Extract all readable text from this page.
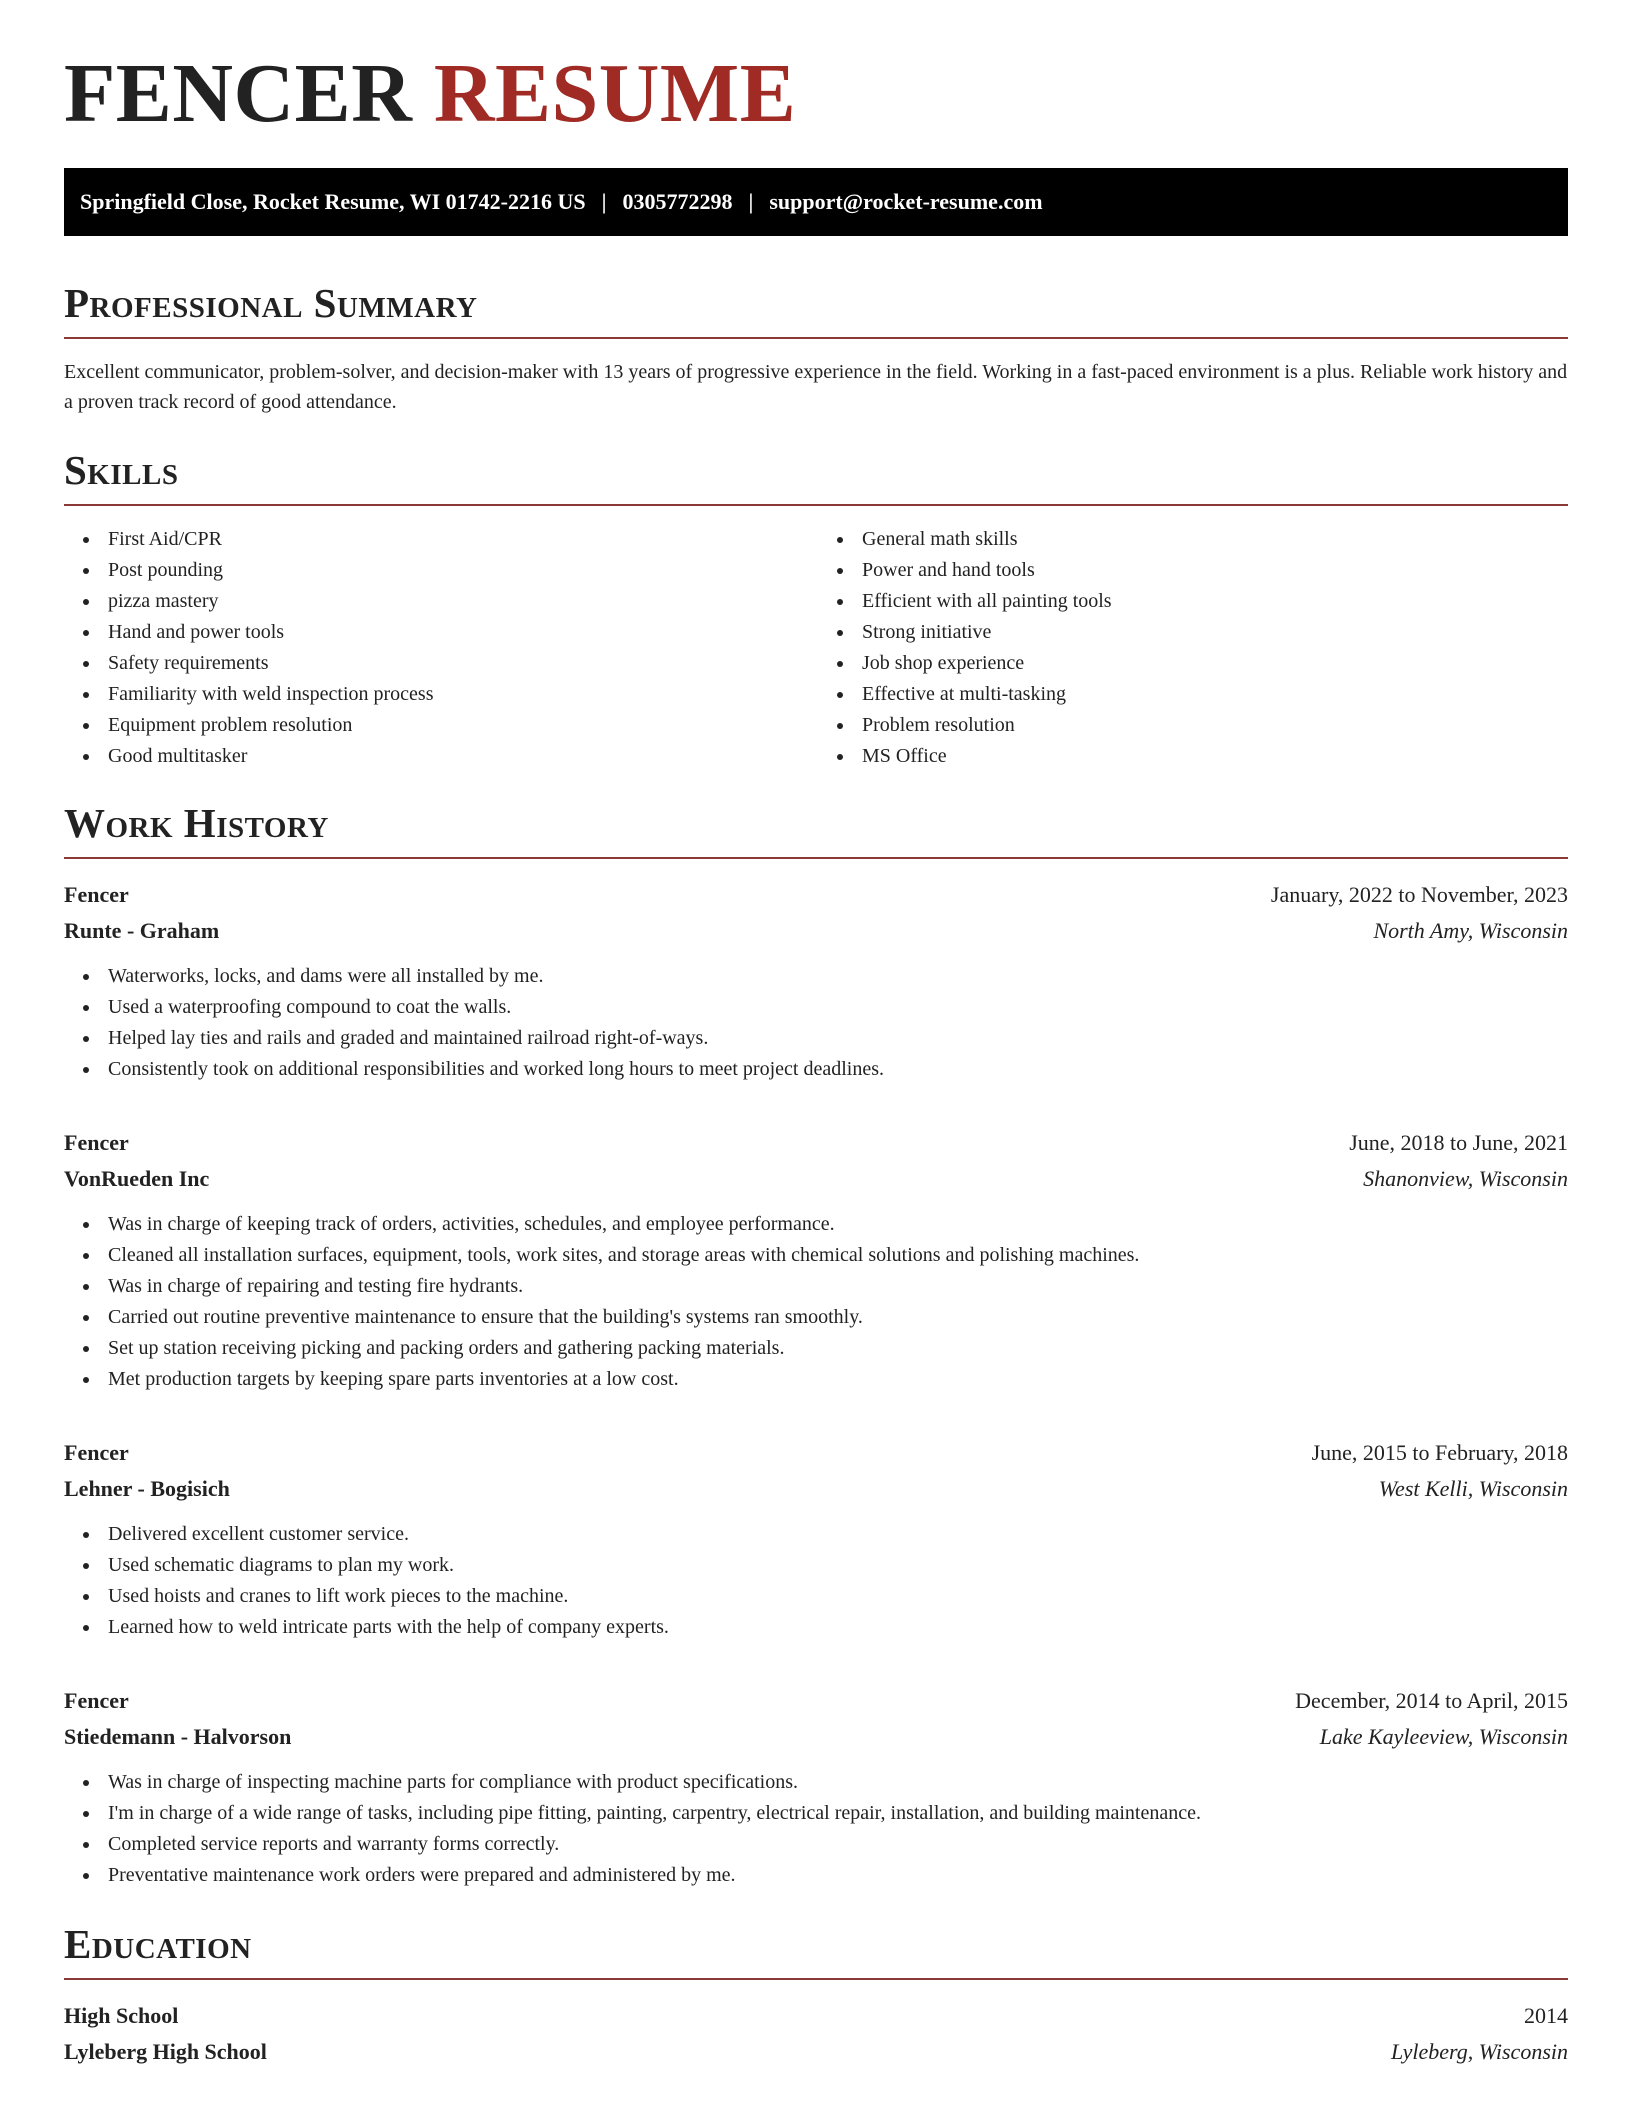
FENCER RESUME
Springfield Close, Rocket Resume, WI 01742-2216 US | 0305772298 | support@rocket-resume.com
Professional Summary

Excellent communicator, problem-solver, and decision-maker with 13 years of progressive experience in the field. Working in a fast-paced environment is a plus. Reliable work history and a proven track record of good attendance.

Skills
First Aid/CPR
Post pounding
pizza mastery
Hand and power tools
Safety requirements
Familiarity with weld inspection process
Equipment problem resolution
Good multitasker
General math skills
Power and hand tools
Efficient with all painting tools
Strong initiative
Job shop experience
Effective at multi-tasking
Problem resolution
MS Office
Work History
Fencer	January, 2022 to November, 2023
Runte - Graham	North Amy, Wisconsin
Waterworks, locks, and dams were all installed by me.
Used a waterproofing compound to coat the walls.
Helped lay ties and rails and graded and maintained railroad right-of-ways.
Consistently took on additional responsibilities and worked long hours to meet project deadlines.
Fencer	June, 2018 to June, 2021
VonRueden Inc	Shanonview, Wisconsin
Was in charge of keeping track of orders, activities, schedules, and employee performance.
Cleaned all installation surfaces, equipment, tools, work sites, and storage areas with chemical solutions and polishing machines.
Was in charge of repairing and testing fire hydrants.
Carried out routine preventive maintenance to ensure that the building's systems ran smoothly.
Set up station receiving picking and packing orders and gathering packing materials.
Met production targets by keeping spare parts inventories at a low cost.
Fencer	June, 2015 to February, 2018
Lehner - Bogisich	West Kelli, Wisconsin
Delivered excellent customer service.
Used schematic diagrams to plan my work.
Used hoists and cranes to lift work pieces to the machine.
Learned how to weld intricate parts with the help of company experts.
Fencer	December, 2014 to April, 2015
Stiedemann - Halvorson	Lake Kayleeview, Wisconsin
Was in charge of inspecting machine parts for compliance with product specifications.
I'm in charge of a wide range of tasks, including pipe fitting, painting, carpentry, electrical repair, installation, and building maintenance.
Completed service reports and warranty forms correctly.
Preventative maintenance work orders were prepared and administered by me.
Education
High School	2014
Lyleberg High School	Lyleberg, Wisconsin
